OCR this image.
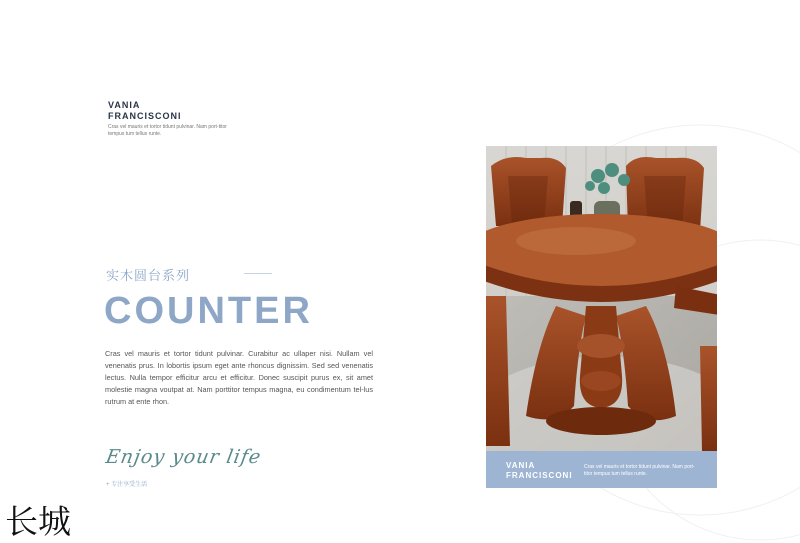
VANIA
FRANCISCONI
Cras vel mauris et tortor tidunt pulvinar. Nam port-titor tempus tum tellus runte.
实木圆台系列
COUNTER
Cras vel mauris et tortor tidunt pulvinar. Curabitur ac ullaper nisi. Nullam vel venenatis prus. In lobortis ipsum eget ante rhoncus dignissim. Sed sed venenatis lectus. Nulla tempor efficitur arcu et efficitur. Donec suscipit purus ex, sit amet molestie magna voutpat at. Nam porttitor tempus magna, eu condimentum tel-lus rutrum at ente rhon.
Enjoy your life
+ 专注享受生活
长城
VANIA
FRANCISCONI
Cras vel mauris et tortor tidunt pulvinar. Nam port-titor tempus tum tellus runte.
